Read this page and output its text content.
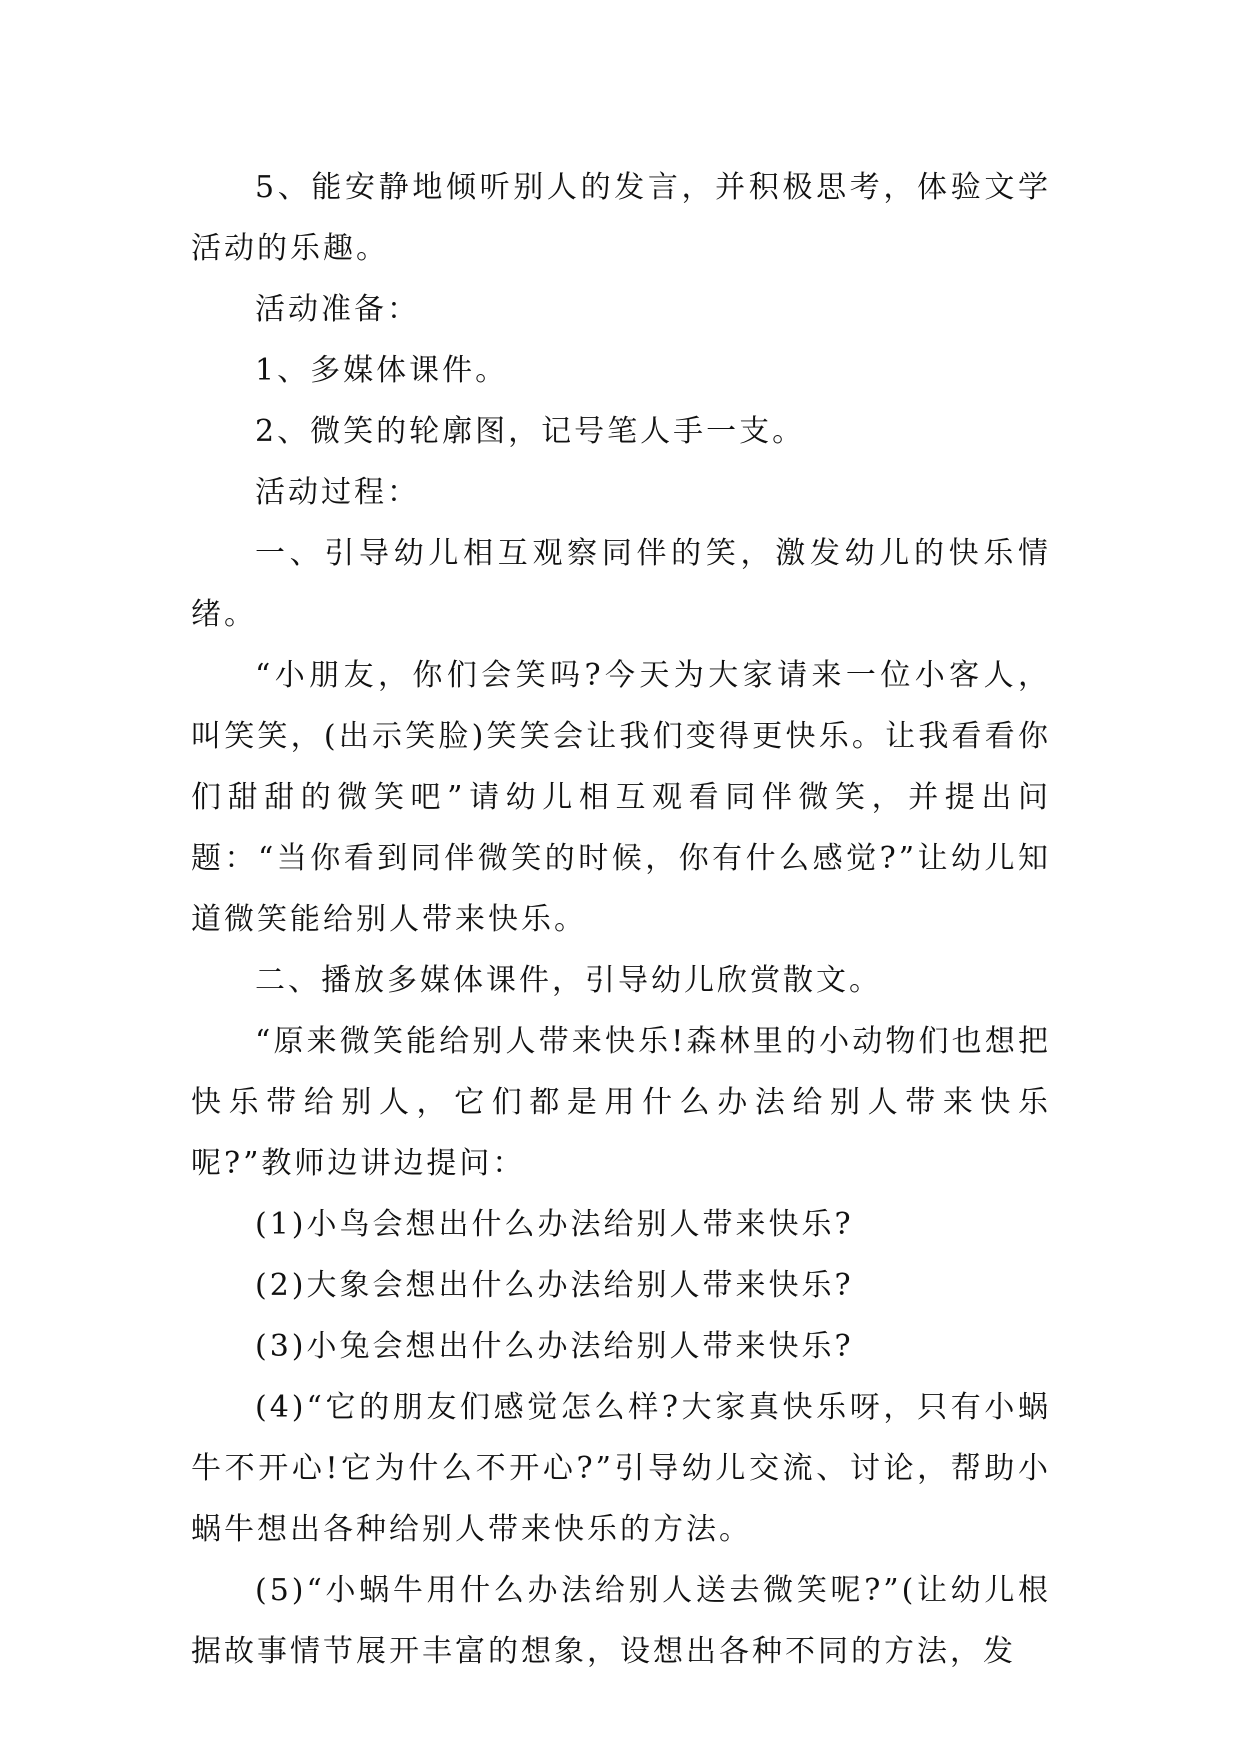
5、能安静地倾听别人的发言，并积极思考，体验文学活动的乐趣。

活动准备：

1、多媒体课件。

2、微笑的轮廓图，记号笔人手一支。

活动过程：

一、引导幼儿相互观察同伴的笑，激发幼儿的快乐情绪。

“小朋友，你们会笑吗?今天为大家请来一位小客人，叫笑笑，(出示笑脸)笑笑会让我们变得更快乐。让我看看你们甜甜的微笑吧”请幼儿相互观看同伴微笑，并提出问题：“当你看到同伴微笑的时候，你有什么感觉?”让幼儿知道微笑能给别人带来快乐。

二、播放多媒体课件，引导幼儿欣赏散文。

“原来微笑能给别人带来快乐!森林里的小动物们也想把快乐带给别人，它们都是用什么办法给别人带来快乐呢?”教师边讲边提问：

(1)小鸟会想出什么办法给别人带来快乐?

(2)大象会想出什么办法给别人带来快乐?

(3)小兔会想出什么办法给别人带来快乐?

(4)“它的朋友们感觉怎么样?大家真快乐呀，只有小蜗牛不开心!它为什么不开心?”引导幼儿交流、讨论，帮助小蜗牛想出各种给别人带来快乐的方法。

(5)“小蜗牛用什么办法给别人送去微笑呢?”(让幼儿根据故事情节展开丰富的想象，设想出各种不同的方法，发
